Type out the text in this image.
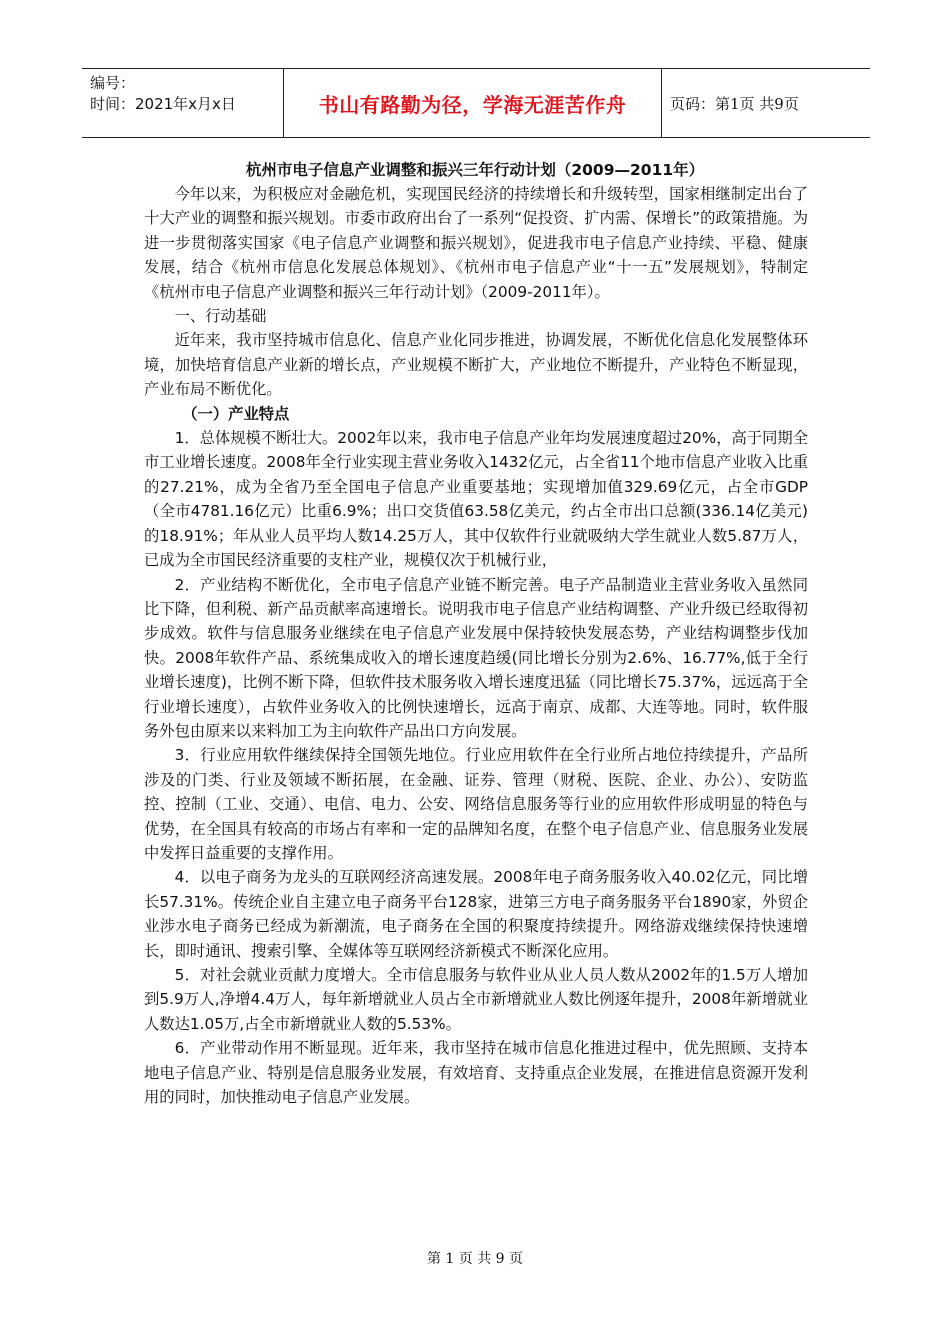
编号：
时间：2021年x月x日	书山有路勤为径，学海无涯苦作舟	页码：第1页 共9页
杭州市电子信息产业调整和振兴三年行动计划（2009—2011年）

今年以来，为积极应对金融危机，实现国民经济的持续增长和升级转型，国家相继制定出台了十大产业的调整和振兴规划。市委市政府出台了一系列“促投资、扩内需、保增长”的政策措施。为进一步贯彻落实国家《电子信息产业调整和振兴规划》，促进我市电子信息产业持续、平稳、健康发展，结合《杭州市信息化发展总体规划》、《杭州市电子信息产业“十一五”发展规划》，特制定《杭州市电子信息产业调整和振兴三年行动计划》（2009-2011年）。

一、行动基础

近年来，我市坚持城市信息化、信息产业化同步推进，协调发展，不断优化信息化发展整体环境，加快培育信息产业新的增长点，产业规模不断扩大，产业地位不断提升，产业特色不断显现，产业布局不断优化。

（一）产业特点

1．总体规模不断壮大。2002年以来，我市电子信息产业年均发展速度超过20%，高于同期全市工业增长速度。2008年全行业实现主营业务收入1432亿元，占全省11个地市信息产业收入比重的27.21%，成为全省乃至全国电子信息产业重要基地；实现增加值329.69亿元，占全市GDP（全市4781.16亿元）比重6.9%；出口交货值63.58亿美元，约占全市出口总额(336.14亿美元)的18.91%；年从业人员平均人数14.25万人，其中仅软件行业就吸纳大学生就业人数5.87万人，已成为全市国民经济重要的支柱产业，规模仅次于机械行业，

2．产业结构不断优化，全市电子信息产业链不断完善。电子产品制造业主营业务收入虽然同比下降，但利税、新产品贡献率高速增长。说明我市电子信息产业结构调整、产业升级已经取得初步成效。软件与信息服务业继续在电子信息产业发展中保持较快发展态势，产业结构调整步伐加快。2008年软件产品、系统集成收入的增长速度趋缓(同比增长分别为2.6%、16.77%,低于全行业增长速度)，比例不断下降，但软件技术服务收入增长速度迅猛（同比增长75.37%，远远高于全行业增长速度），占软件业务收入的比例快速增长，远高于南京、成都、大连等地。同时，软件服务外包由原来以来料加工为主向软件产品出口方向发展。

3．行业应用软件继续保持全国领先地位。行业应用软件在全行业所占地位持续提升，产品所涉及的门类、行业及领域不断拓展，在金融、证券、管理（财税、医院、企业、办公）、安防监控、控制（工业、交通）、电信、电力、公安、网络信息服务等行业的应用软件形成明显的特色与优势，在全国具有较高的市场占有率和一定的品牌知名度，在整个电子信息产业、信息服务业发展中发挥日益重要的支撑作用。

4．以电子商务为龙头的互联网经济高速发展。2008年电子商务服务收入40.02亿元，同比增长57.31%。传统企业自主建立电子商务平台128家，进第三方电子商务服务平台1890家，外贸企业涉水电子商务已经成为新潮流，电子商务在全国的积聚度持续提升。网络游戏继续保持快速增长，即时通讯、搜索引擎、全媒体等互联网经济新模式不断深化应用。

5．对社会就业贡献力度增大。全市信息服务与软件业从业人员人数从2002年的1.5万人增加到5.9万人,净增4.4万人，每年新增就业人员占全市新增就业人数比例逐年提升，2008年新增就业人数达1.05万,占全市新增就业人数的5.53%。

6．产业带动作用不断显现。近年来，我市坚持在城市信息化推进过程中，优先照顾、支持本地电子信息产业、特别是信息服务业发展，有效培育、支持重点企业发展，在推进信息资源开发利用的同时，加快推动电子信息产业发展。

第 1 页 共 9 页
